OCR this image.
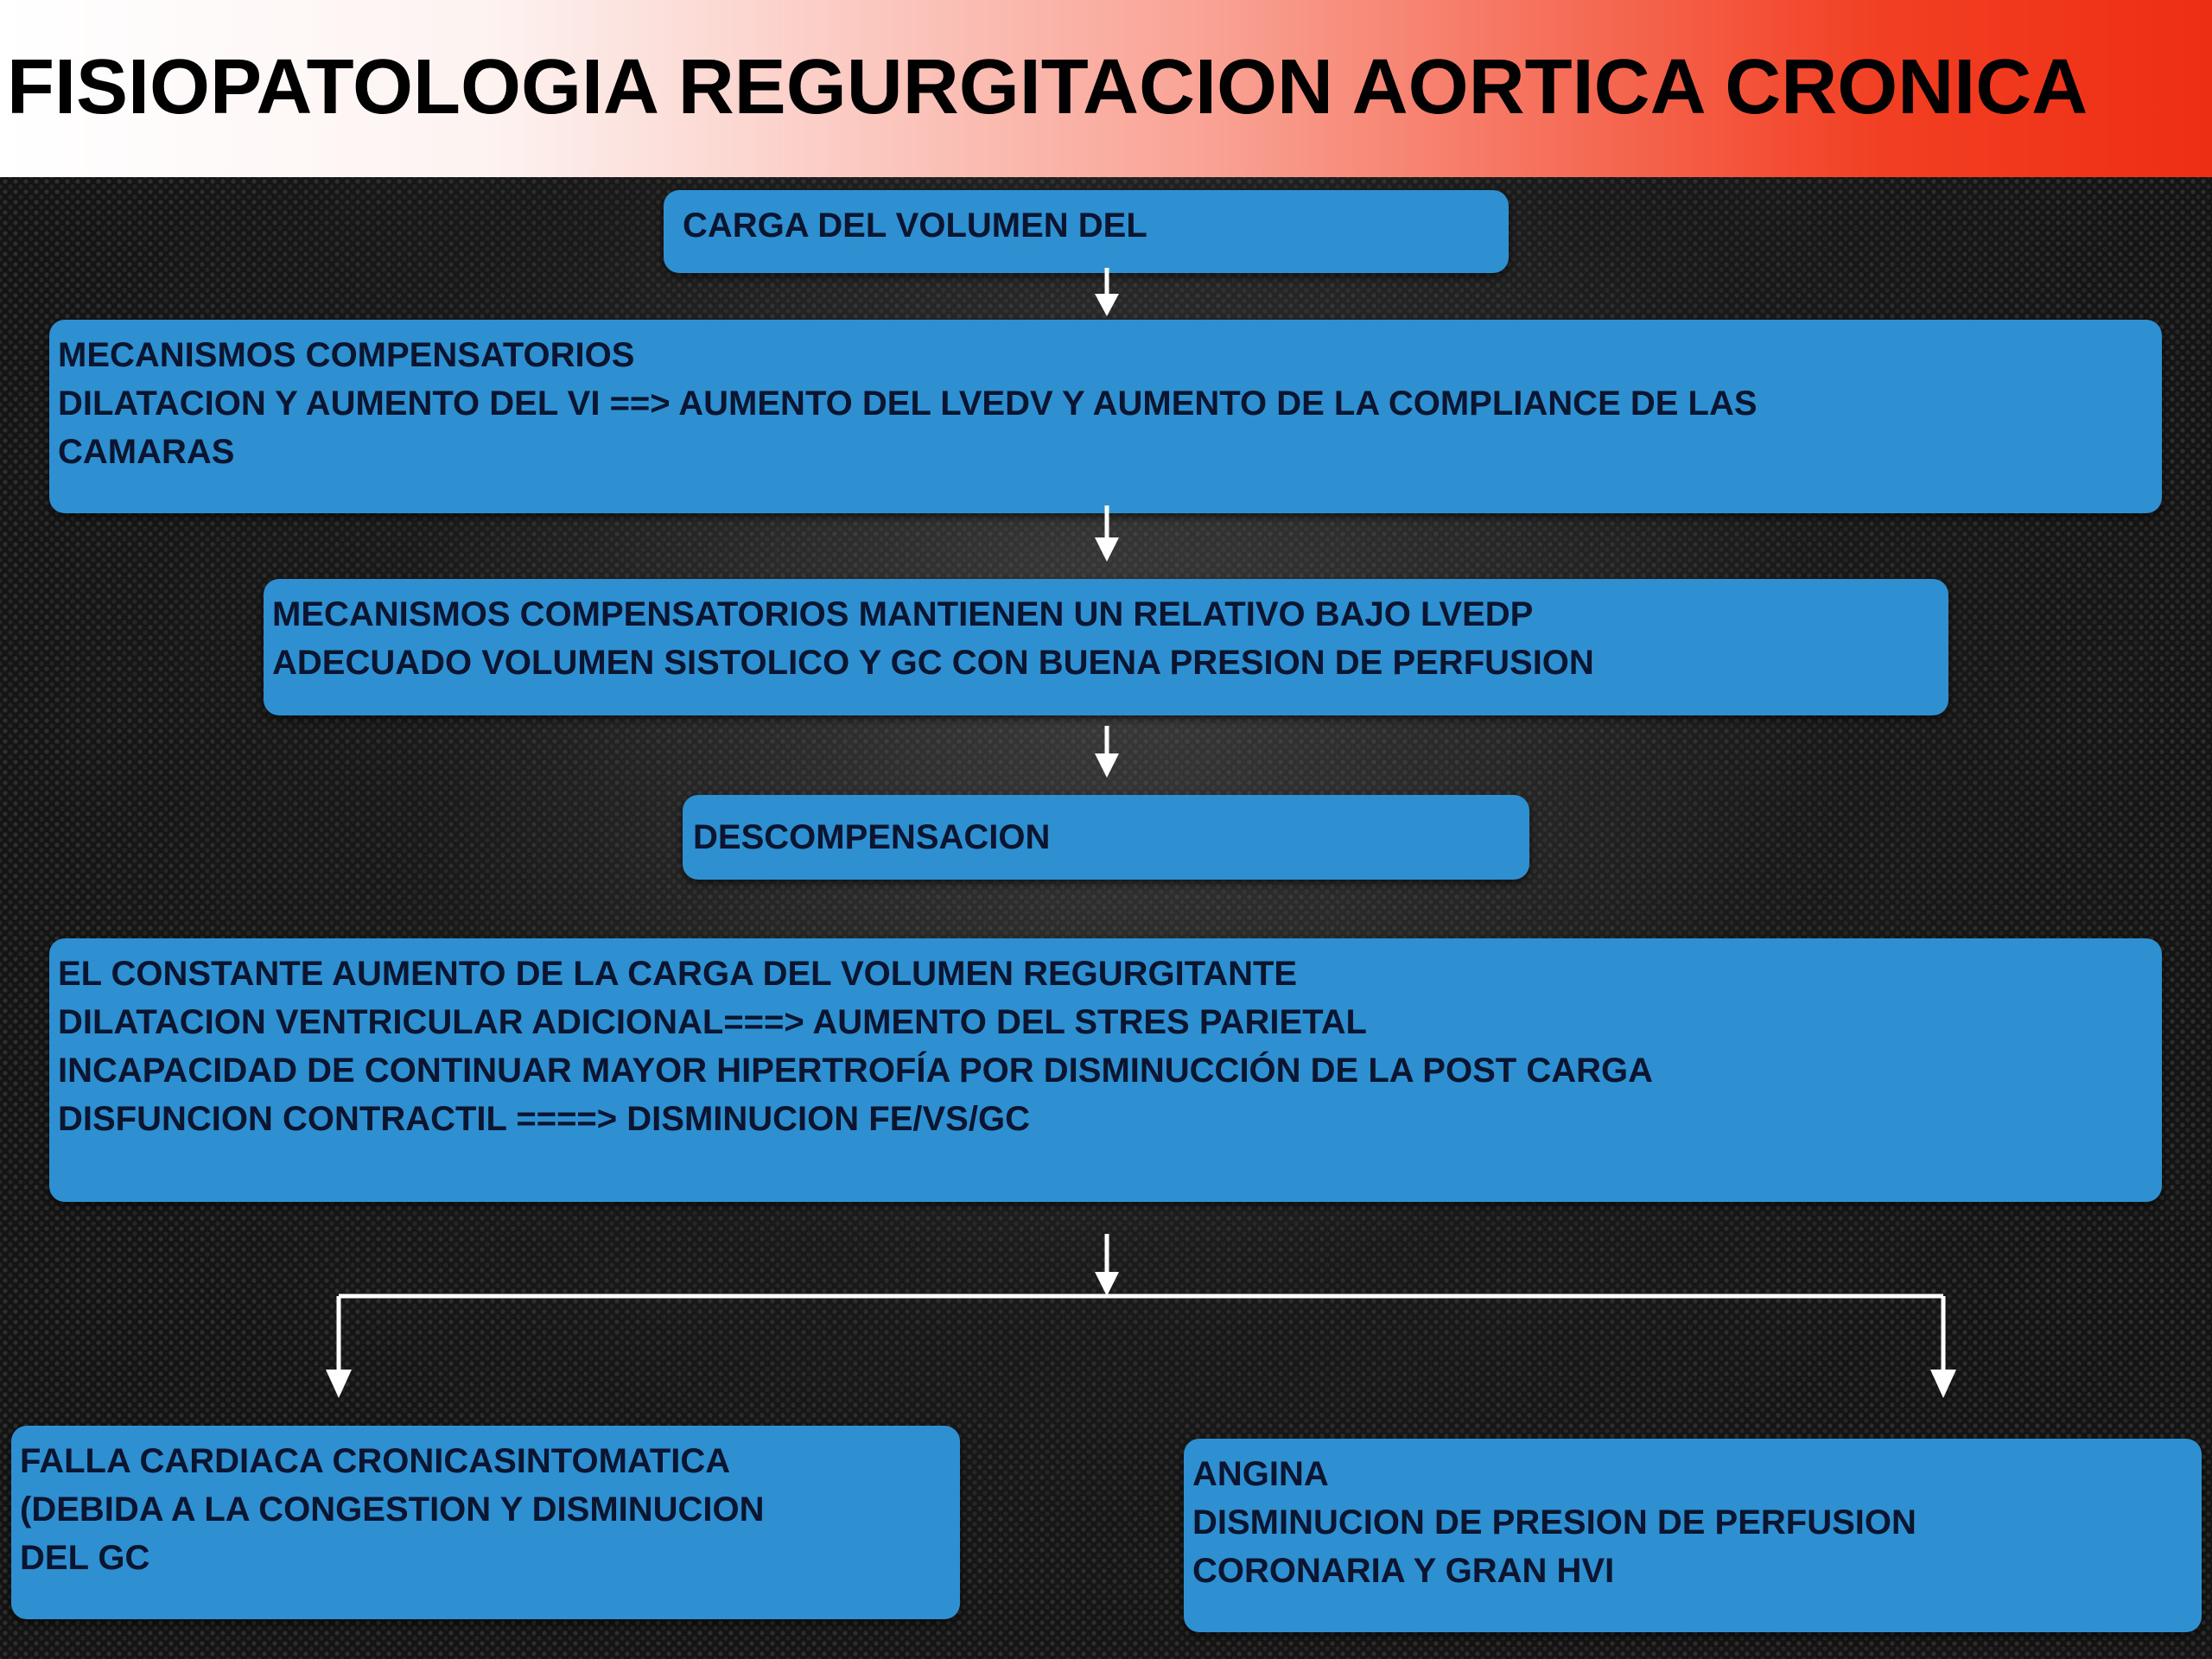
FISIOPATOLOGIA REGURGITACION AORTICA CRONICA
CARGA DEL VOLUMEN DEL
MECANISMOS COMPENSATORIOS
DILATACION Y AUMENTO DEL VI ==> AUMENTO DEL LVEDV Y AUMENTO DE LA COMPLIANCE DE LAS
CAMARAS
MECANISMOS COMPENSATORIOS MANTIENEN UN RELATIVO BAJO LVEDP
ADECUADO VOLUMEN SISTOLICO Y GC CON BUENA PRESION DE PERFUSION
DESCOMPENSACION
EL CONSTANTE AUMENTO DE LA CARGA DEL VOLUMEN REGURGITANTE
DILATACION VENTRICULAR ADICIONAL===> AUMENTO DEL STRES PARIETAL
INCAPACIDAD DE CONTINUAR MAYOR HIPERTROFÍA POR DISMINUCCIÓN DE LA POST CARGA
DISFUNCION CONTRACTIL ====> DISMINUCION FE/VS/GC
FALLA CARDIACA CRONICASINTOMATICA
(DEBIDA A LA CONGESTION Y DISMINUCION
DEL GC
ANGINA
DISMINUCION DE PRESION DE PERFUSION
CORONARIA Y GRAN HVI
